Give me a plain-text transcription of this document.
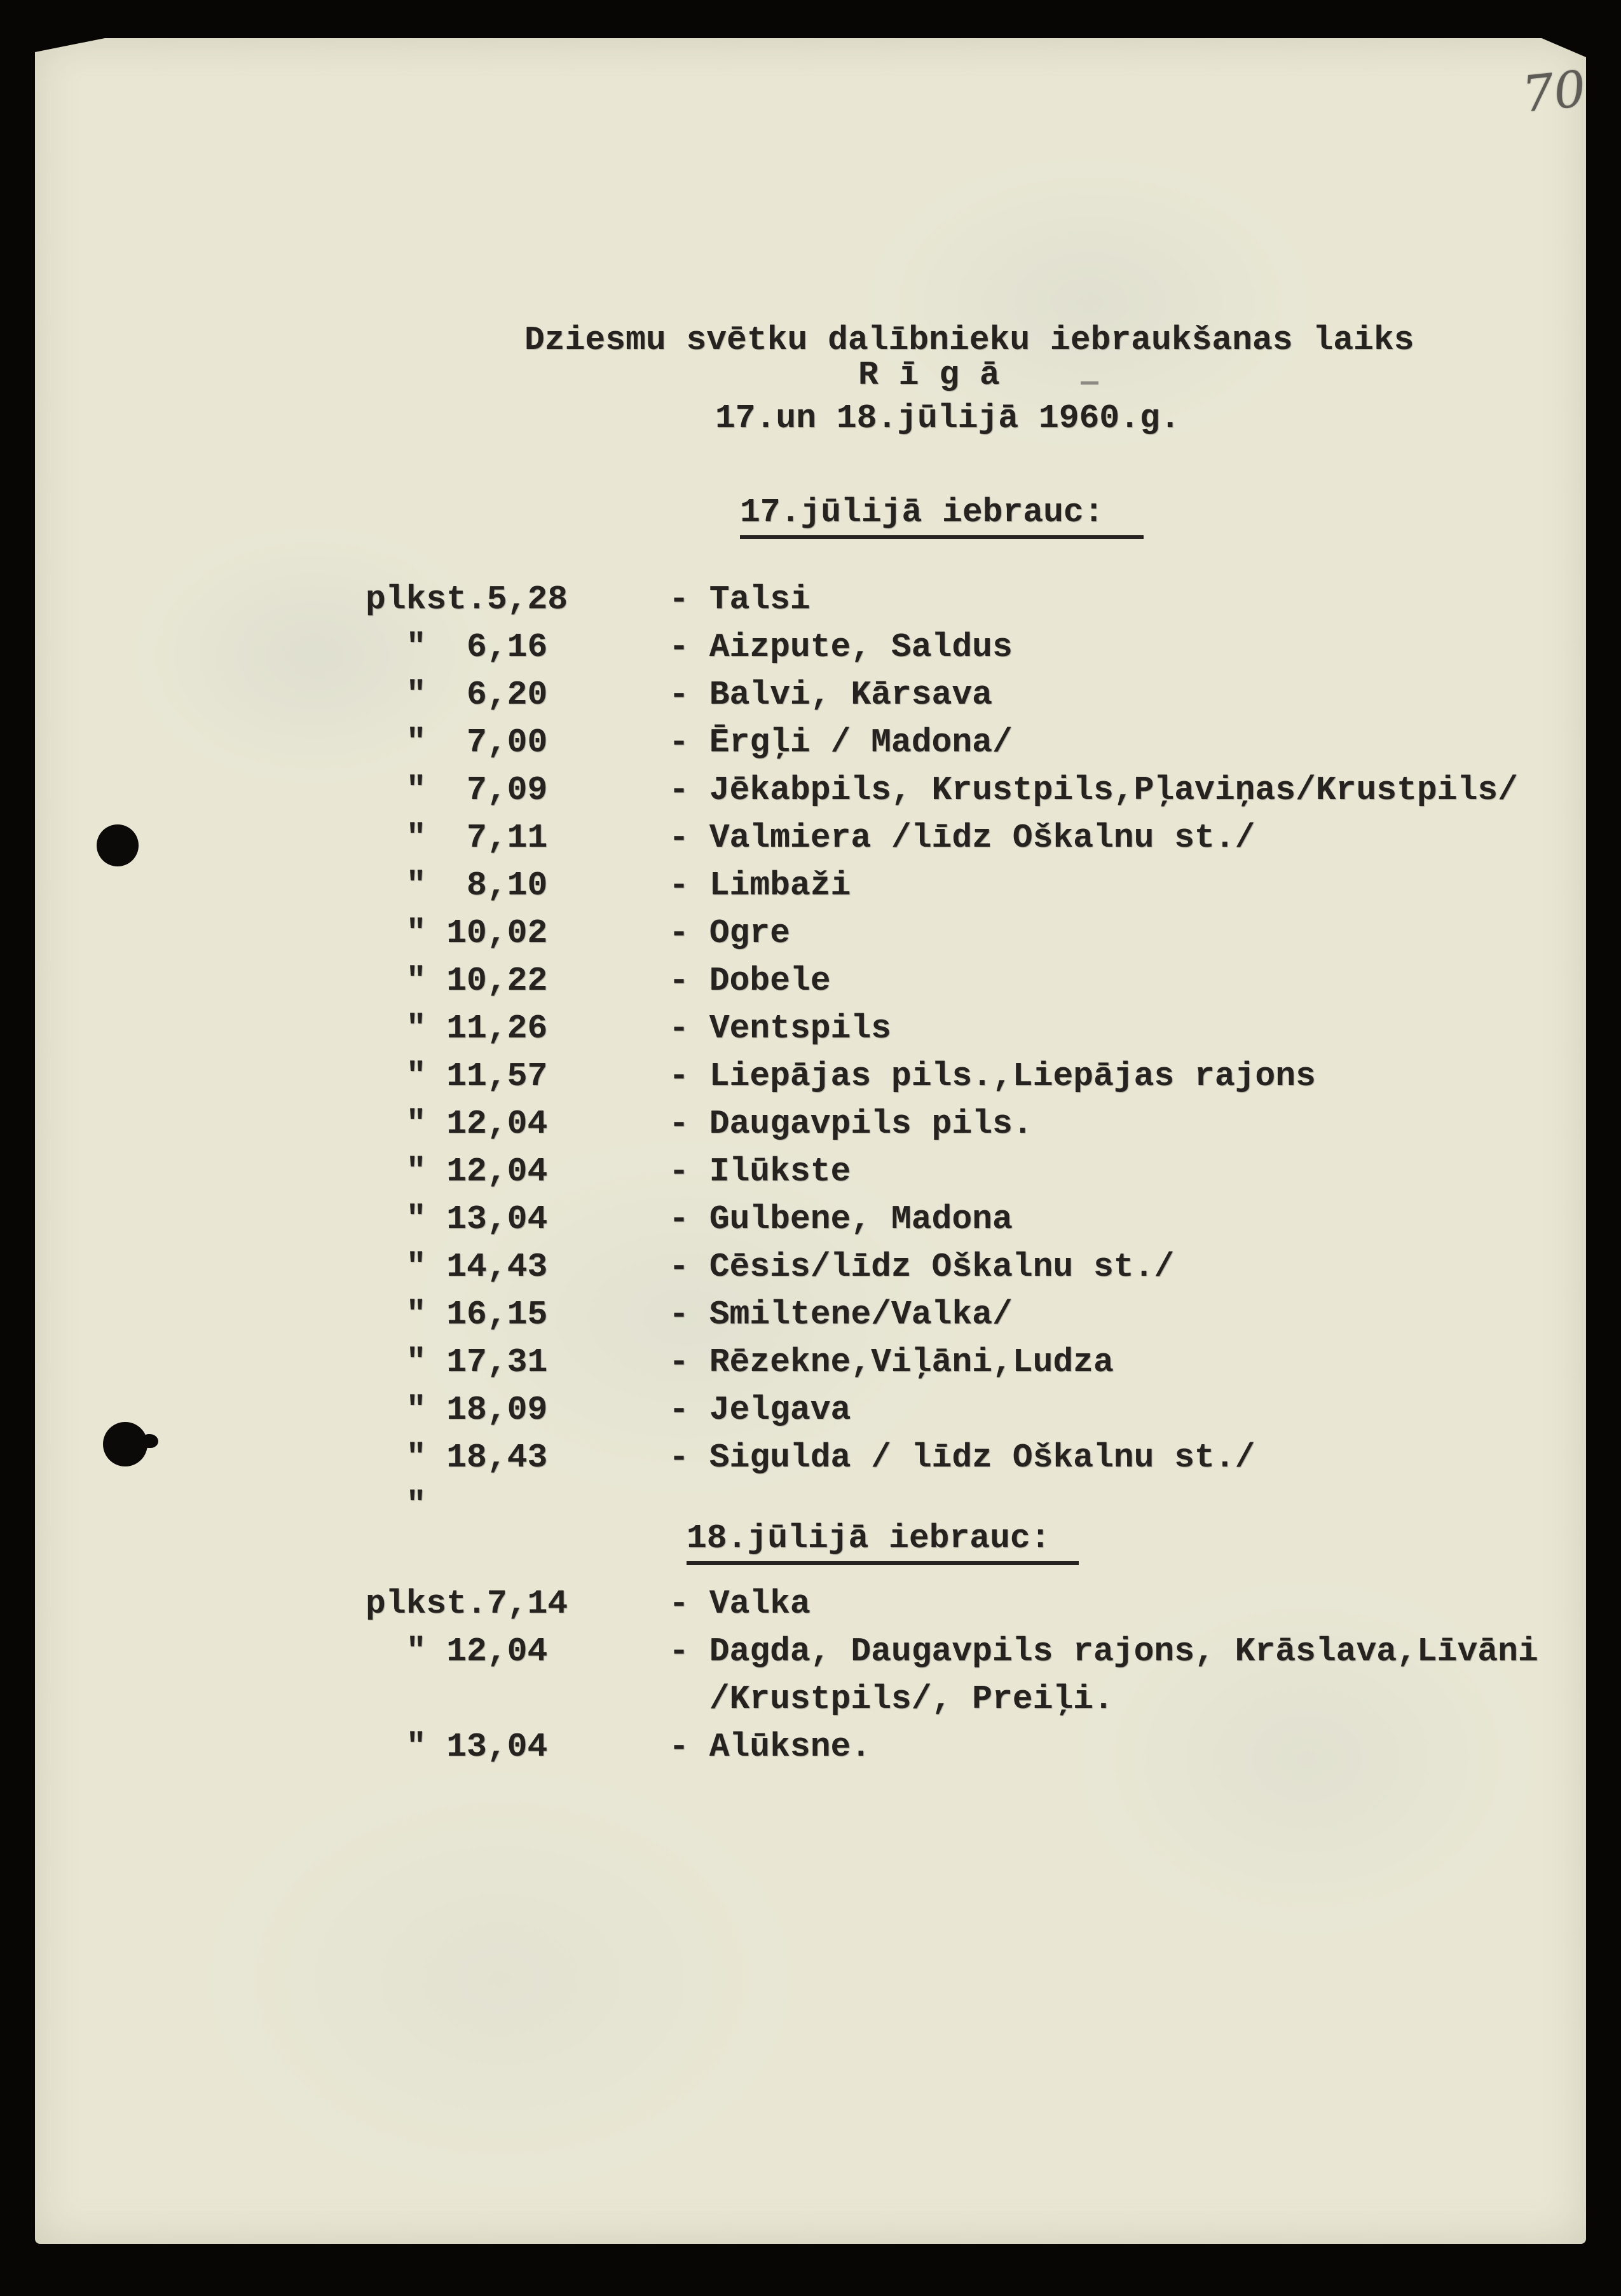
70
Dziesmu svētku dalībnieku iebraukšanas laiks
R ī g ā
17.un 18.jūlijā 1960.g.
17.jūlijā iebrauc:
plkst.5,28     - Talsi
"  6,16      - Aizpute, Saldus
"  6,20      - Balvi, Kārsava
"  7,00      - Ērgļi / Madona/
"  7,09      - Jēkabpils, Krustpils,Pļaviņas/Krustpils/
"  7,11      - Valmiera /līdz Oškalnu st./
"  8,10      - Limbaži
" 10,02      - Ogre
" 10,22      - Dobele
" 11,26      - Ventspils
" 11,57      - Liepājas pils.,Liepājas rajons
" 12,04      - Daugavpils pils.
" 12,04      - Ilūkste
" 13,04      - Gulbene, Madona
" 14,43      - Cēsis/līdz Oškalnu st./
" 16,15      - Smiltene/Valka/
" 17,31      - Rēzekne,Viļāni,Ludza
" 18,09      - Jelgava
" 18,43      - Sigulda / līdz Oškalnu st./
"
18.jūlijā iebrauc:
plkst.7,14     - Valka
" 12,04      - Dagda, Daugavpils rajons, Krāslava,Līvāni
/Krustpils/, Preiļi.
" 13,04      - Alūksne.
